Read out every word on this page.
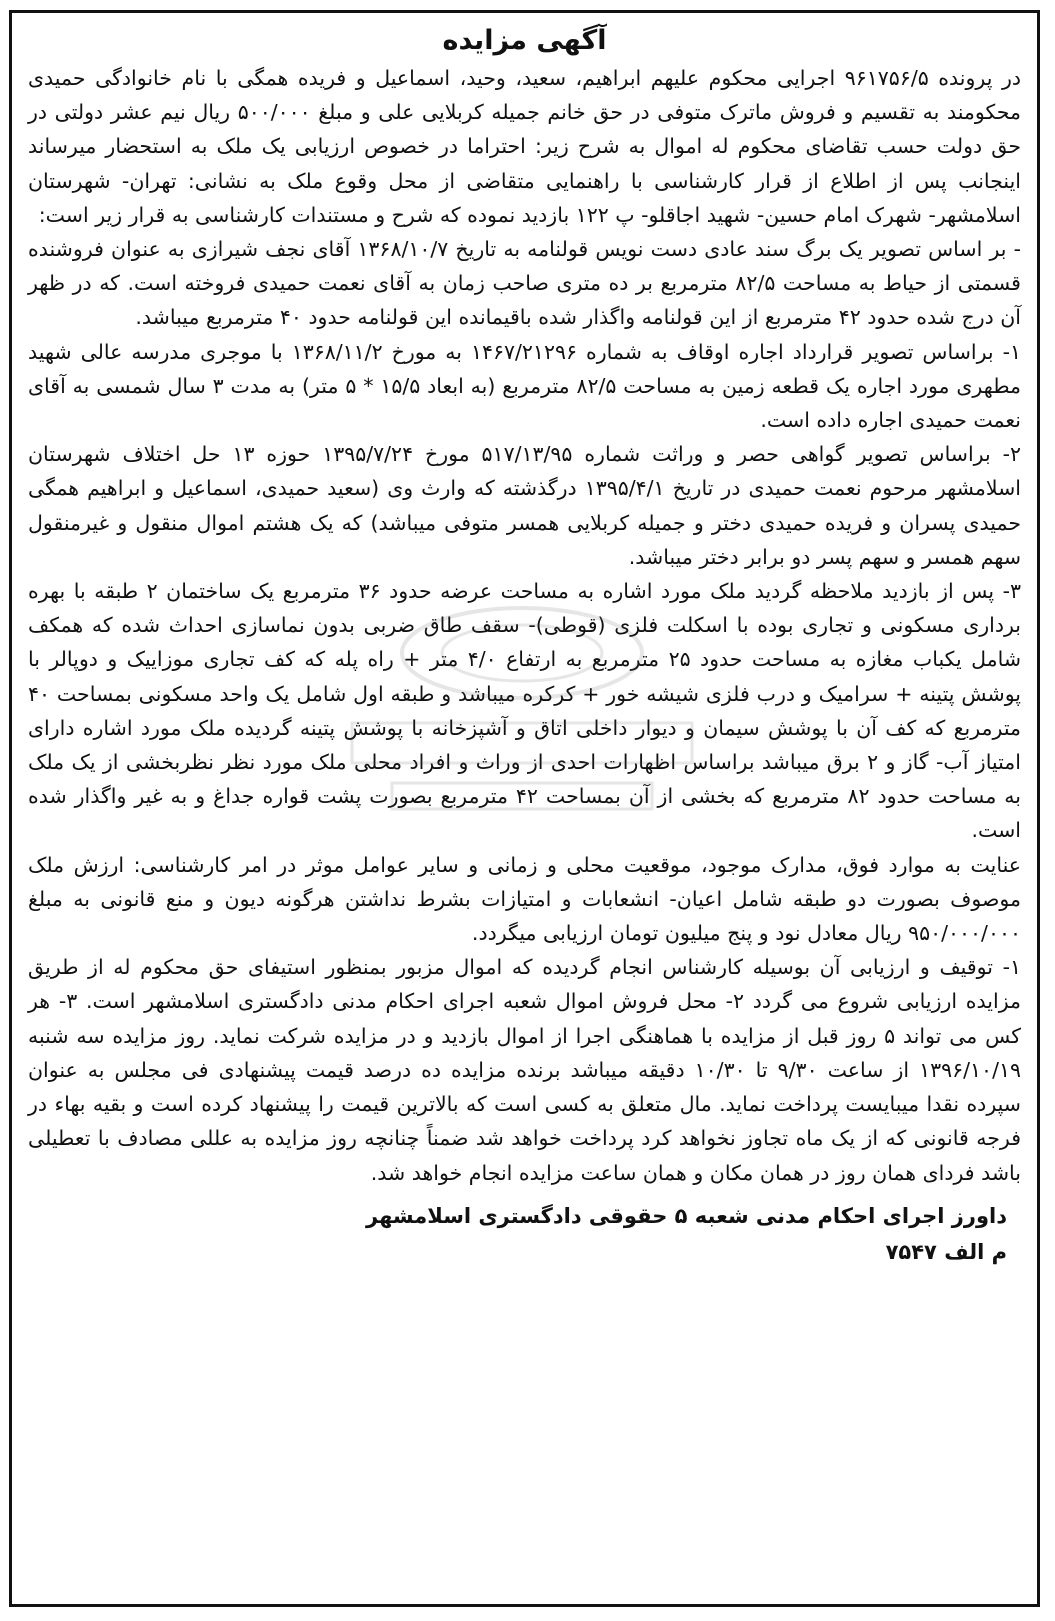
آگهی مزایده

در پرونده ۹۶۱۷۵۶/۵ اجرایی محکوم علیهم ابراهیم، سعید، وحید، اسماعیل و فریده همگی با نام خانوادگی حمیدی محکومند به تقسیم و فروش ماترک متوفی در حق خانم جمیله کربلایی علی و مبلغ ۵۰۰/۰۰۰ ریال نیم عشر دولتی در حق دولت حسب تقاضای محکوم له اموال به شرح زیر: احتراما در خصوص ارزیابی یک ملک به استحضار میرساند اینجانب پس از اطلاع از قرار کارشناسی با راهنمایی متقاضی از محل وقوع ملک به نشانی: تهران- شهرستان اسلامشهر- شهرک امام حسین- شهید اجاقلو- پ ۱۲۲ بازدید نموده که شرح و مستندات کارشناسی به قرار زیر است:

- بر اساس تصویر یک برگ سند عادی دست نویس قولنامه به تاریخ ۱۳۶۸/۱۰/۷ آقای نجف شیرازی به عنوان فروشنده قسمتی از حیاط به مساحت ۸۲/۵ مترمربع بر ده متری صاحب زمان به آقای نعمت حمیدی فروخته است. که در ظهر آن درج شده حدود ۴۲ مترمربع از این قولنامه واگذار شده باقیمانده این قولنامه حدود ۴۰ مترمربع میباشد.

۱- براساس تصویر قرارداد اجاره اوقاف به شماره ۱۴۶۷/۲۱۲۹۶ به مورخ ۱۳۶۸/۱۱/۲ با موجری مدرسه عالی شهید مطهری مورد اجاره یک قطعه زمین به مساحت ۸۲/۵ مترمربع (به ابعاد ۱۵/۵ * ۵ متر) به مدت ۳ سال شمسی به آقای نعمت حمیدی اجاره داده است.

۲- براساس تصویر گواهی حصر و وراثت شماره ۵۱۷/۱۳/۹۵ مورخ ۱۳۹۵/۷/۲۴ حوزه ۱۳ حل اختلاف شهرستان اسلامشهر مرحوم نعمت حمیدی در تاریخ ۱۳۹۵/۴/۱ درگذشته که وارث وی (سعید حمیدی، اسماعیل و ابراهیم همگی حمیدی پسران و فریده حمیدی دختر و جمیله کربلایی همسر متوفی میباشد) که یک هشتم اموال منقول و غیرمنقول سهم همسر و سهم پسر دو برابر دختر میباشد.

۳- پس از بازدید ملاحظه گردید ملک مورد اشاره به مساحت عرضه حدود ۳۶ مترمربع یک ساختمان ۲ طبقه با بهره برداری مسکونی و تجاری بوده با اسکلت فلزی (قوطی)- سقف طاق ضربی بدون نماسازی احداث شده که همکف شامل یکباب مغازه به مساحت حدود ۲۵ مترمربع به ارتفاع ۴/۰ متر + راه پله که کف تجاری موزاییک و دوپالر با پوشش پتینه + سرامیک و درب فلزی شیشه خور + کرکره میباشد و طبقه اول شامل یک واحد مسکونی بمساحت ۴۰ مترمربع که کف آن با پوشش سیمان و دیوار داخلی اتاق و آشپزخانه با پوشش پتینه گردیده ملک مورد اشاره دارای امتیاز آب- گاز و ۲ برق میباشد براساس اظهارات احدی از وراث و افراد محلی ملک مورد نظر نظربخشی از یک ملک به مساحت حدود ۸۲ مترمربع که بخشی از آن بمساحت ۴۲ مترمربع بصورت پشت قواره جداغ و به غیر واگذار شده است.

عنایت به موارد فوق، مدارک موجود، موقعیت محلی و زمانی و سایر عوامل موثر در امر کارشناسی: ارزش ملک موصوف بصورت دو طبقه شامل اعیان- انشعابات و امتیازات بشرط نداشتن هرگونه دیون و منع قانونی به مبلغ ۹۵۰/۰۰۰/۰۰۰ ریال معادل نود و پنج میلیون تومان ارزیابی میگردد.

۱- توقیف و ارزیابی آن بوسیله کارشناس انجام گردیده که اموال مزبور بمنظور استیفای حق محکوم له از طریق مزایده ارزیابی شروع می گردد ۲- محل فروش اموال شعبه اجرای احکام مدنی دادگستری اسلامشهر است. ۳- هر کس می تواند ۵ روز قبل از مزایده با هماهنگی اجرا از اموال بازدید و در مزایده شرکت نماید. روز مزایده سه شنبه ۱۳۹۶/۱۰/۱۹ از ساعت ۹/۳۰ تا ۱۰/۳۰ دقیقه میباشد برنده مزایده ده درصد قیمت پیشنهادی فی مجلس به عنوان سپرده نقدا میبایست پرداخت نماید. مال متعلق به کسی است که بالاترین قیمت را پیشنهاد کرده است و بقیه بهاء در فرجه قانونی که از یک ماه تجاوز نخواهد کرد پرداخت خواهد شد ضمناً چنانچه روز مزایده به عللی مصادف با تعطیلی باشد فردای همان روز در همان مکان و همان ساعت مزایده انجام خواهد شد.

داورز اجرای احکام مدنی شعبه ۵ حقوقی دادگستری اسلامشهر
م الف ۷۵۴۷
